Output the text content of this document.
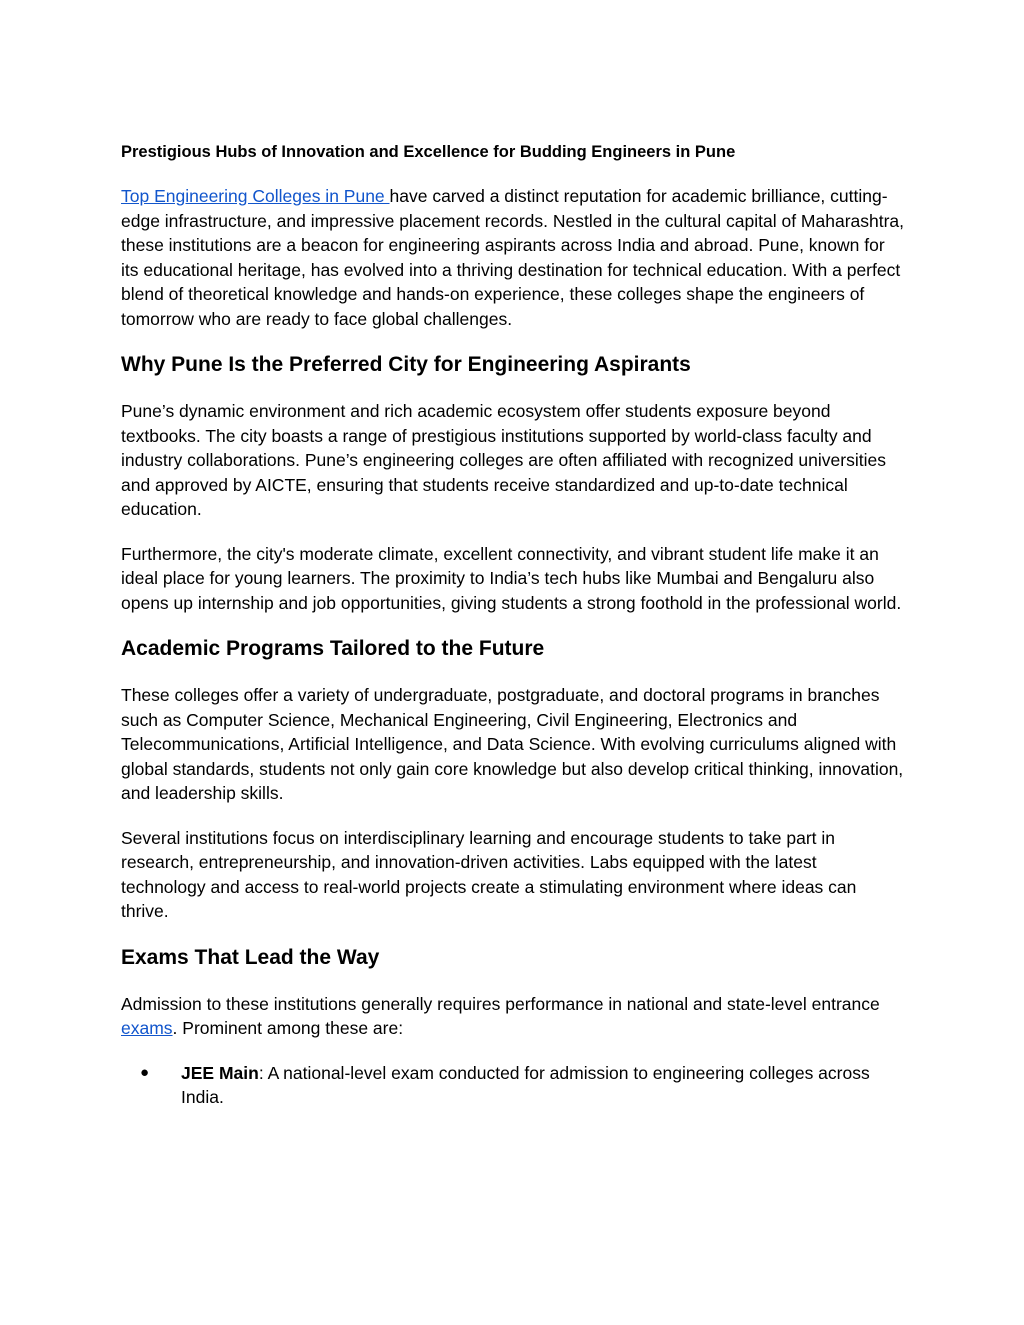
Prestigious Hubs of Innovation and Excellence for Budding Engineers in Pune

Top Engineering Colleges in Pune have carved a distinct reputation for academic brilliance, cutting-edge infrastructure, and impressive placement records. Nestled in the cultural capital of Maharashtra, these institutions are a beacon for engineering aspirants across India and abroad. Pune, known for its educational heritage, has evolved into a thriving destination for technical education. With a perfect blend of theoretical knowledge and hands-on experience, these colleges shape the engineers of tomorrow who are ready to face global challenges.

Why Pune Is the Preferred City for Engineering Aspirants

Pune’s dynamic environment and rich academic ecosystem offer students exposure beyond textbooks. The city boasts a range of prestigious institutions supported by world-class faculty and industry collaborations. Pune’s engineering colleges are often affiliated with recognized universities and approved by AICTE, ensuring that students receive standardized and up-to-date technical education.

Furthermore, the city's moderate climate, excellent connectivity, and vibrant student life make it an ideal place for young learners. The proximity to India’s tech hubs like Mumbai and Bengaluru also opens up internship and job opportunities, giving students a strong foothold in the professional world.

Academic Programs Tailored to the Future

These colleges offer a variety of undergraduate, postgraduate, and doctoral programs in branches such as Computer Science, Mechanical Engineering, Civil Engineering, Electronics and Telecommunications, Artificial Intelligence, and Data Science. With evolving curriculums aligned with global standards, students not only gain core knowledge but also develop critical thinking, innovation, and leadership skills.

Several institutions focus on interdisciplinary learning and encourage students to take part in research, entrepreneurship, and innovation-driven activities. Labs equipped with the latest technology and access to real-world projects create a stimulating environment where ideas can thrive.

Exams That Lead the Way

Admission to these institutions generally requires performance in national and state-level entrance exams. Prominent among these are:

● JEE Main: A national-level exam conducted for admission to engineering colleges across India.
